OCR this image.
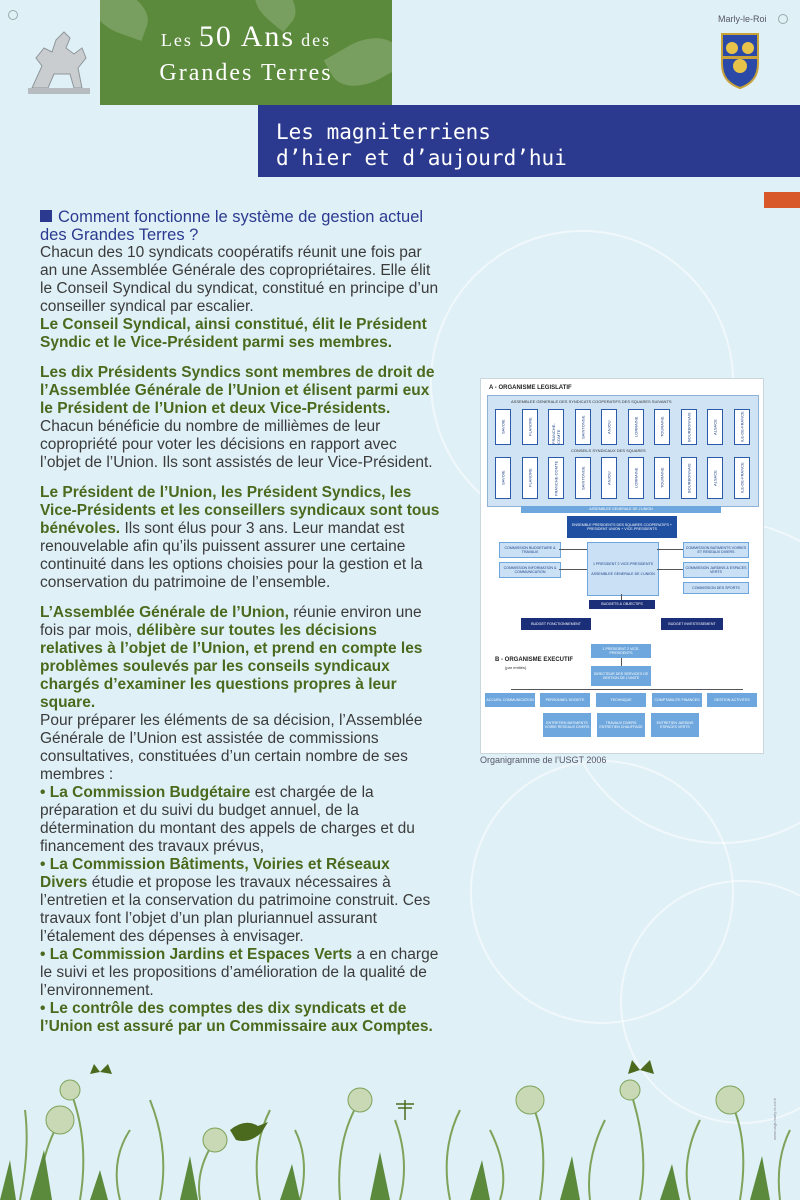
Les 50 Ans des
Grandes Terres
Marly-le-Roi
Les magniterriens
d’hier et d’aujourd’hui

Comment fonctionne le système de gestion actuel des Grandes Terres ?

Chacun des 10 syndicats coopératifs réunit une fois par an une Assemblée Générale des copropriétaires. Elle élit le Conseil Syndical du syndicat, constitué en principe d’un conseiller syndical par escalier.

Le Conseil Syndical, ainsi constitué, élit le Président Syndic et le Vice-Président parmi ses membres.

Les dix Présidents Syndics sont membres de droit de l’Assemblée Générale de l’Union et élisent parmi eux le Président de l’Union et deux Vice-Présidents.

Chacun bénéficie du nombre de millièmes de leur copropriété pour voter les décisions en rapport avec l’objet de l’Union. Ils sont assistés de leur Vice-Président.

Le Président de l’Union, les Président Syndics, les Vice-Présidents et les conseillers syndicaux sont tous bénévoles. Ils sont élus pour 3 ans. Leur mandat est renouvelable afin qu’ils puissent assurer une certaine continuité dans les options choisies pour la gestion et la conservation du patrimoine de l’ensemble.

L’Assemblée Générale de l’Union, réunie environ une fois par mois, délibère sur toutes les décisions relatives à l’objet de l’Union, et prend en compte les problèmes soulevés par les conseils syndicaux chargés d’examiner les questions propres à leur square.

Pour préparer les éléments de sa décision, l’Assemblée Générale de l’Union est assistée de commissions consultatives, constituées d’un certain nombre de ses membres :

• La Commission Budgétaire est chargée de la préparation et du suivi du budget annuel, de la détermination du montant des appels de charges et du financement des travaux prévus,

• La Commission Bâtiments, Voiries et Réseaux Divers étudie et propose les travaux nécessaires à l’entretien et la conservation du patrimoine construit. Ces travaux font l’objet d’un plan pluriannuel assurant l’étalement des dépenses à envisager.

• La Commission Jardins et Espaces Verts a en charge le suivi et les propositions d’amélioration de la qualité de l’environnement.

• Le contrôle des comptes des dix syndicats et de l’Union est assuré par un Commissaire aux Comptes.

A - ORGANISME LEGISLATIF
ASSEMBLEE GENERALE DES SYNDICATS COOPERATIFS DES SQUARES SUIVANTS
CONSEILS SYNDICAUX DES SQUARES
ASSEMBLEE GENERALE DE L’UNION
ENSEMBLE PRESIDENTS DES SQUARES COOPERATIFS + PRESIDENT UNION + VICE-PRESIDENTS
COMMISSION BUDGETAIRE & TRAVAUX
COMMISSION INFORMATION & COMMUNICATION
COMMISSION BATIMENTS VOIRIES ET RESEAUX DIVERS
COMMISSION JARDINS & ESPACES VERTS
COMMISSION DES SPORTS
1 PRESIDENT 2 VICE-PRESIDENTS
ASSEMBLEE GENERALE DE L’UNION
BUDGETS & OBJECTIFS
BUDGET FONCTIONNEMENT	BUDGET INVESTISSEMENT
B - ORGANISME EXECUTIF
(par entités)
1 PRESIDENT 2 VICE-PRESIDENTS
DIRECTEUR DES SERVICES DE GESTION DE L’UNITE
ACCUEIL COMMUNICATION	PERSONNEL SOCIETE	TECHNIQUE	COMPTABILITE FINANCES	GESTION ACTIVITES
ENTRETIEN BATIMENTS VOIRIE RESEAUX DIVERS
TRAVAUX DIVERS ENTRETIEN CHAUFFAGE
ENTRETIEN JARDINS ESPACES VERTS
SAVOIE	FLANDRE	FRANCHE-COMTE	SAINTONGE	ANJOU	LORRAINE	TOURAINE	BOURBONNAIS	ALSACE	ILE-DE-FRANCE
SAVOIE	FLANDRE	FRANCHE-COMTE	SAINTONGE	ANJOU	LORRAINE	TOURAINE	BOURBONNAIS	ALSACE	ILE-DE-FRANCE
Organigramme de l’USGT 2006
www.usgt-marly-le-roi.fr
